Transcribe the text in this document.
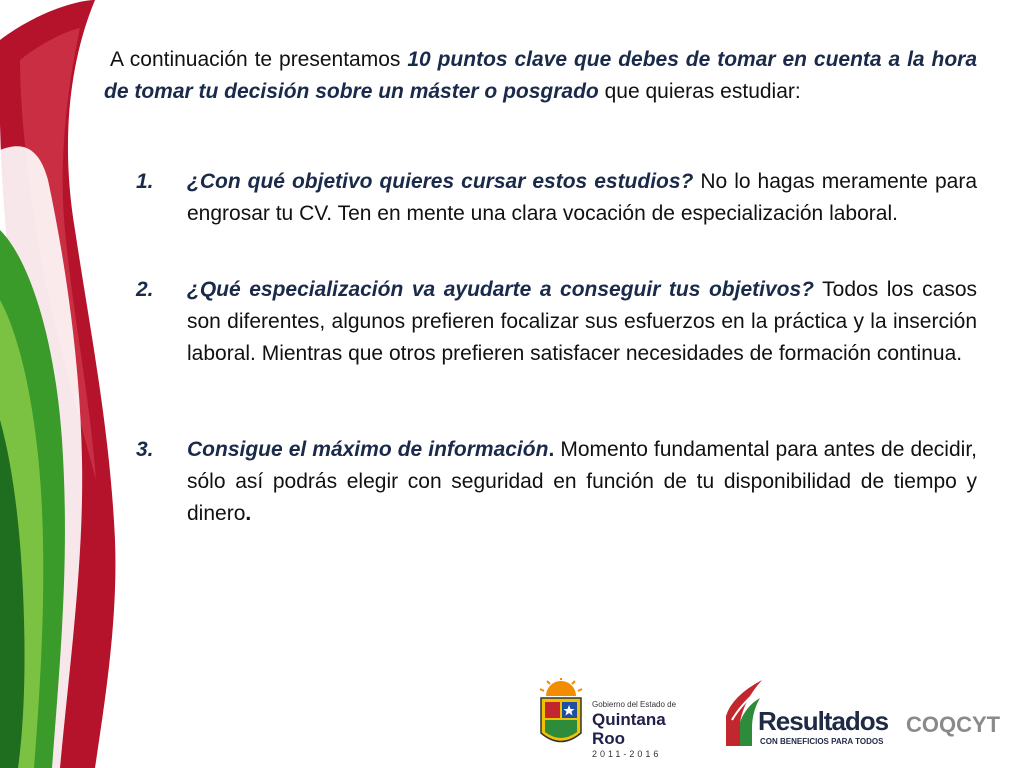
A continuación te presentamos 10 puntos clave que debes de tomar en cuenta a la hora de tomar tu decisión sobre un máster o posgrado que quieras estudiar:

1. ¿Con qué objetivo quieres cursar estos estudios? No lo hagas meramente para engrosar tu CV. Ten en mente una clara vocación de especialización laboral.
2. ¿Qué especialización va ayudarte a conseguir tus objetivos? Todos los casos son diferentes, algunos prefieren focalizar sus esfuerzos en la práctica y la inserción laboral. Mientras que otros prefieren satisfacer necesidades de formación continua.
3. Consigue el máximo de información. Momento fundamental para antes de decidir, sólo así podrás elegir con seguridad en función de tu disponibilidad de tiempo y dinero.
Gobierno del Estado de
Quintana Roo
2011-2016
Resultados
CON BENEFICIOS PARA TODOS
COQCYT
